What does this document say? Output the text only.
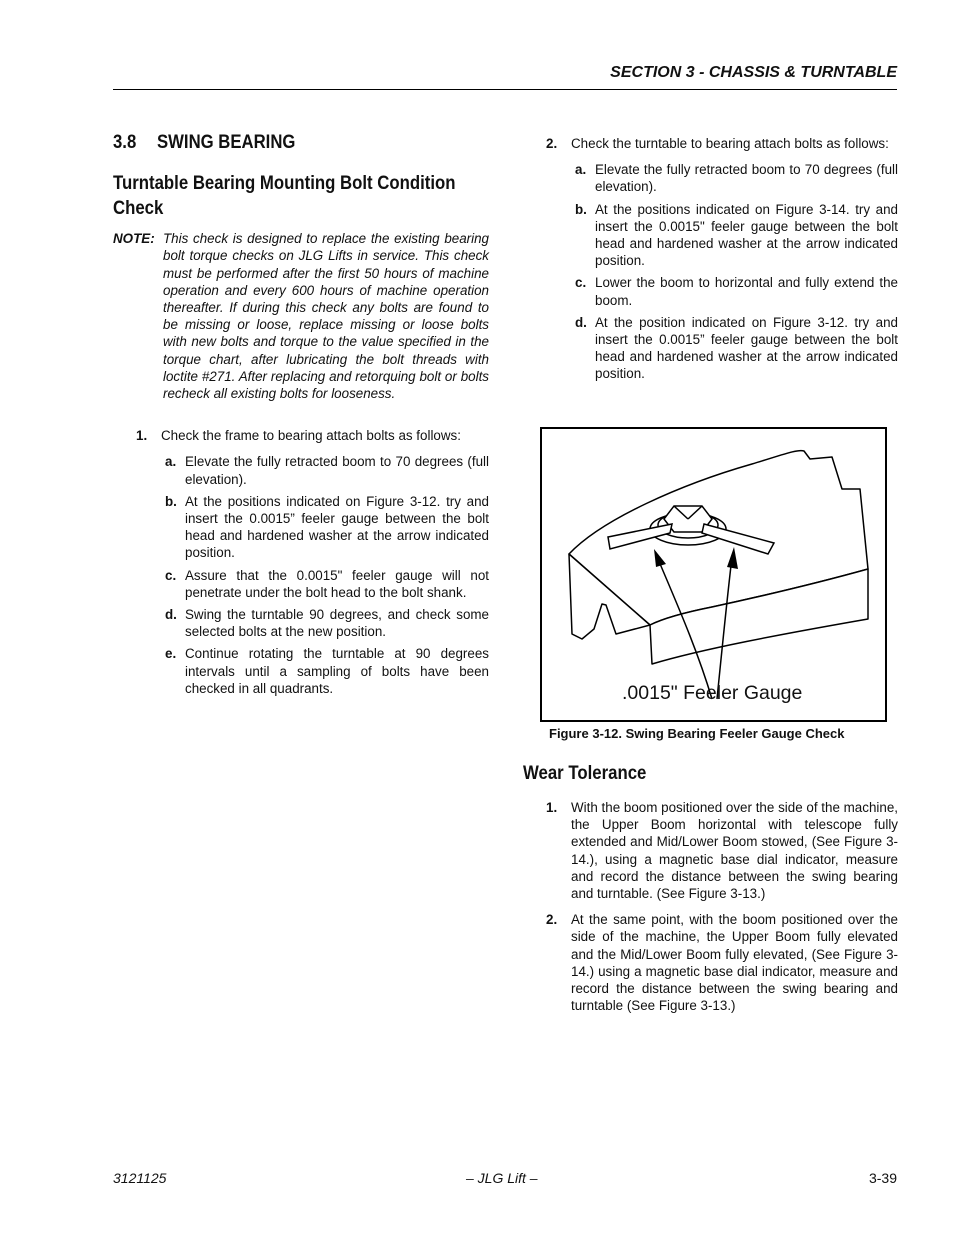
SECTION 3 - CHASSIS & TURNTABLE
3.8 SWING BEARING
Turntable Bearing Mounting Bolt Condition Check
NOTE: This check is designed to replace the existing bearing bolt torque checks on JLG Lifts in service. This check must be performed after the first 50 hours of machine operation and every 600 hours of machine operation thereafter. If during this check any bolts are found to be missing or loose, replace missing or loose bolts with new bolts and torque to the value specified in the torque chart, after lubricating the bolt threads with loctite #271. After replacing and retorquing bolt or bolts recheck all existing bolts for looseness.
1.	Check the frame to bearing attach bolts as follows:
a. Elevate the fully retracted boom to 70 degrees (full elevation).
b. At the positions indicated on Figure 3-12. try and insert the 0.0015” feeler gauge between the bolt head and hardened washer at the arrow indicated position.
c. Assure that the 0.0015" feeler gauge will not penetrate under the bolt head to the bolt shank.
d. Swing the turntable 90 degrees, and check some selected bolts at the new position.
e. Continue rotating the turntable at 90 degrees intervals until a sampling of bolts have been checked in all quadrants.
2.	Check the turntable to bearing attach bolts as follows:
a. Elevate the fully retracted boom to 70 degrees (full elevation).
b. At the positions indicated on Figure 3-14. try and insert the 0.0015" feeler gauge between the bolt head and hardened washer at the arrow indicated position.
c. Lower the boom to horizontal and fully extend the boom.
d. At the position indicated on Figure 3-12. try and insert the 0.0015” feeler gauge between the bolt head and hardened washer at the arrow indicated position.
.0015" Feeler Gauge
Figure 3-12. Swing Bearing Feeler Gauge Check
Wear Tolerance
1.	With the boom positioned over the side of the machine, the Upper Boom horizontal with telescope fully extended and Mid/Lower Boom stowed, (See Figure 3-14.), using a magnetic base dial indicator, measure and record the distance between the swing bearing and turntable. (See Figure 3-13.)
2.	At the same point, with the boom positioned over the side of the machine, the Upper Boom fully elevated and the Mid/Lower Boom fully elevated, (See Figure 3-14.) using a magnetic base dial indicator, measure and record the distance between the swing bearing and turntable (See Figure 3-13.)
3121125	– JLG Lift –	3-39
